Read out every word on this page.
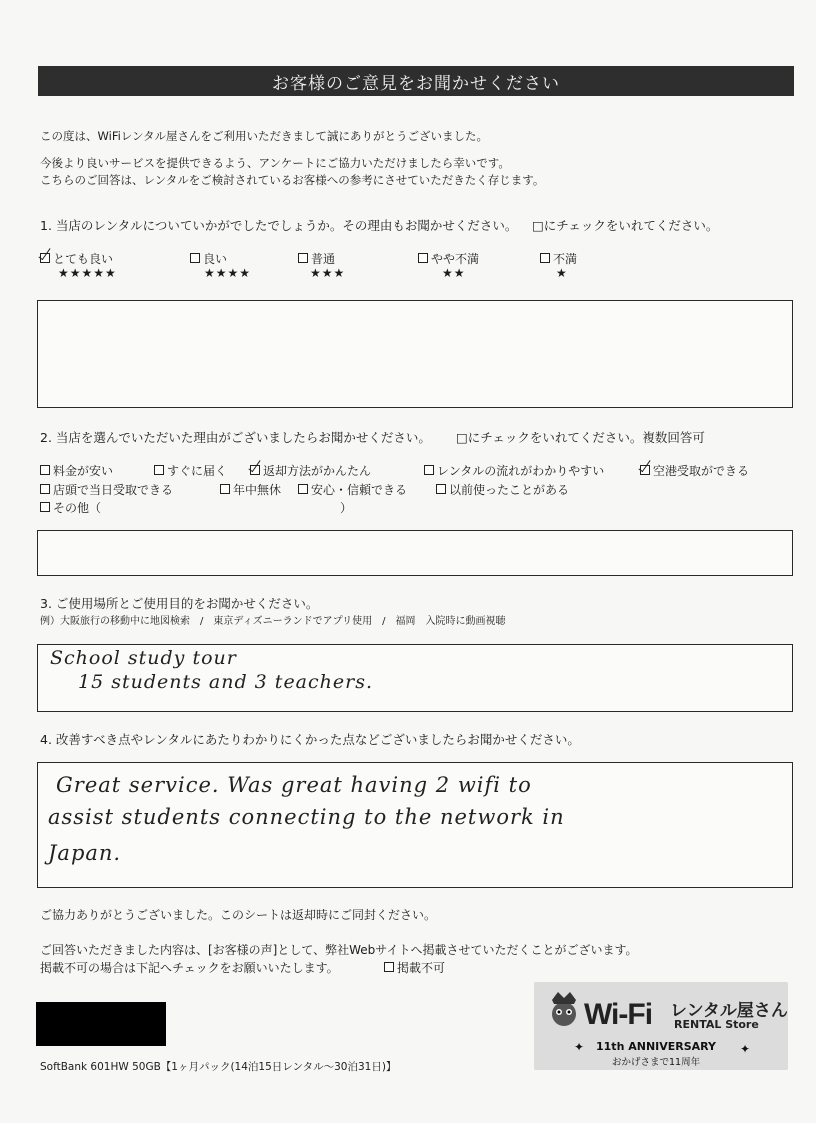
お客様のご意見をお聞かせください

この度は、WiFiレンタル屋さんをご利用いただきまして誠にありがとうございました。

今後より良いサービスを提供できるよう、アンケートにご協力いただけましたら幸いです。

こちらのご回答は、レンタルをご検討されているお客様への参考にさせていただきたく存じます。

1. 当店のレンタルについていかがでしたでしょうか。その理由もお聞かせください。 □にチェックをいれてください。
とても良い
★★★★★
良い
★★★★
普通
★★★
やや不満
★★
不満
★
2. 当店を選んでいただいた理由がございましたらお聞かせください。 □にチェックをいれてください。複数回答可
料金が安い	すぐに届く	返却方法がかんたん	レンタルの流れがわかりやすい	空港受取ができる
店頭で当日受取できる	年中無休	安心・信頼できる	以前使ったことがある
その他（	）
3. ご使用場所とご使用目的をお聞かせください。
例）大阪旅行の移動中に地図検索　/　東京ディズニーランドでアプリ使用　/　福岡　入院時に動画視聴
School study tour
15 students and 3 teachers.
4. 改善すべき点やレンタルにあたりわかりにくかった点などございましたらお聞かせください。
Great service. Was great having 2 wifi to
assist students connecting to the network in
Japan.
ご協力ありがとうございました。このシートは返却時にご同封ください。
ご回答いただきました内容は、[お客様の声]として、弊社Webサイトへ掲載させていただくことがございます。
掲載不可の場合は下記へチェックをお願いいたします。	掲載不可
SoftBank 601HW 50GB【1ヶ月パック(14泊15日レンタル～30泊31日)】
Wi-Fi レンタル屋さん
RENTAL Store
✦ 11th ANNIVERSARY ✦
おかげさまで11周年
